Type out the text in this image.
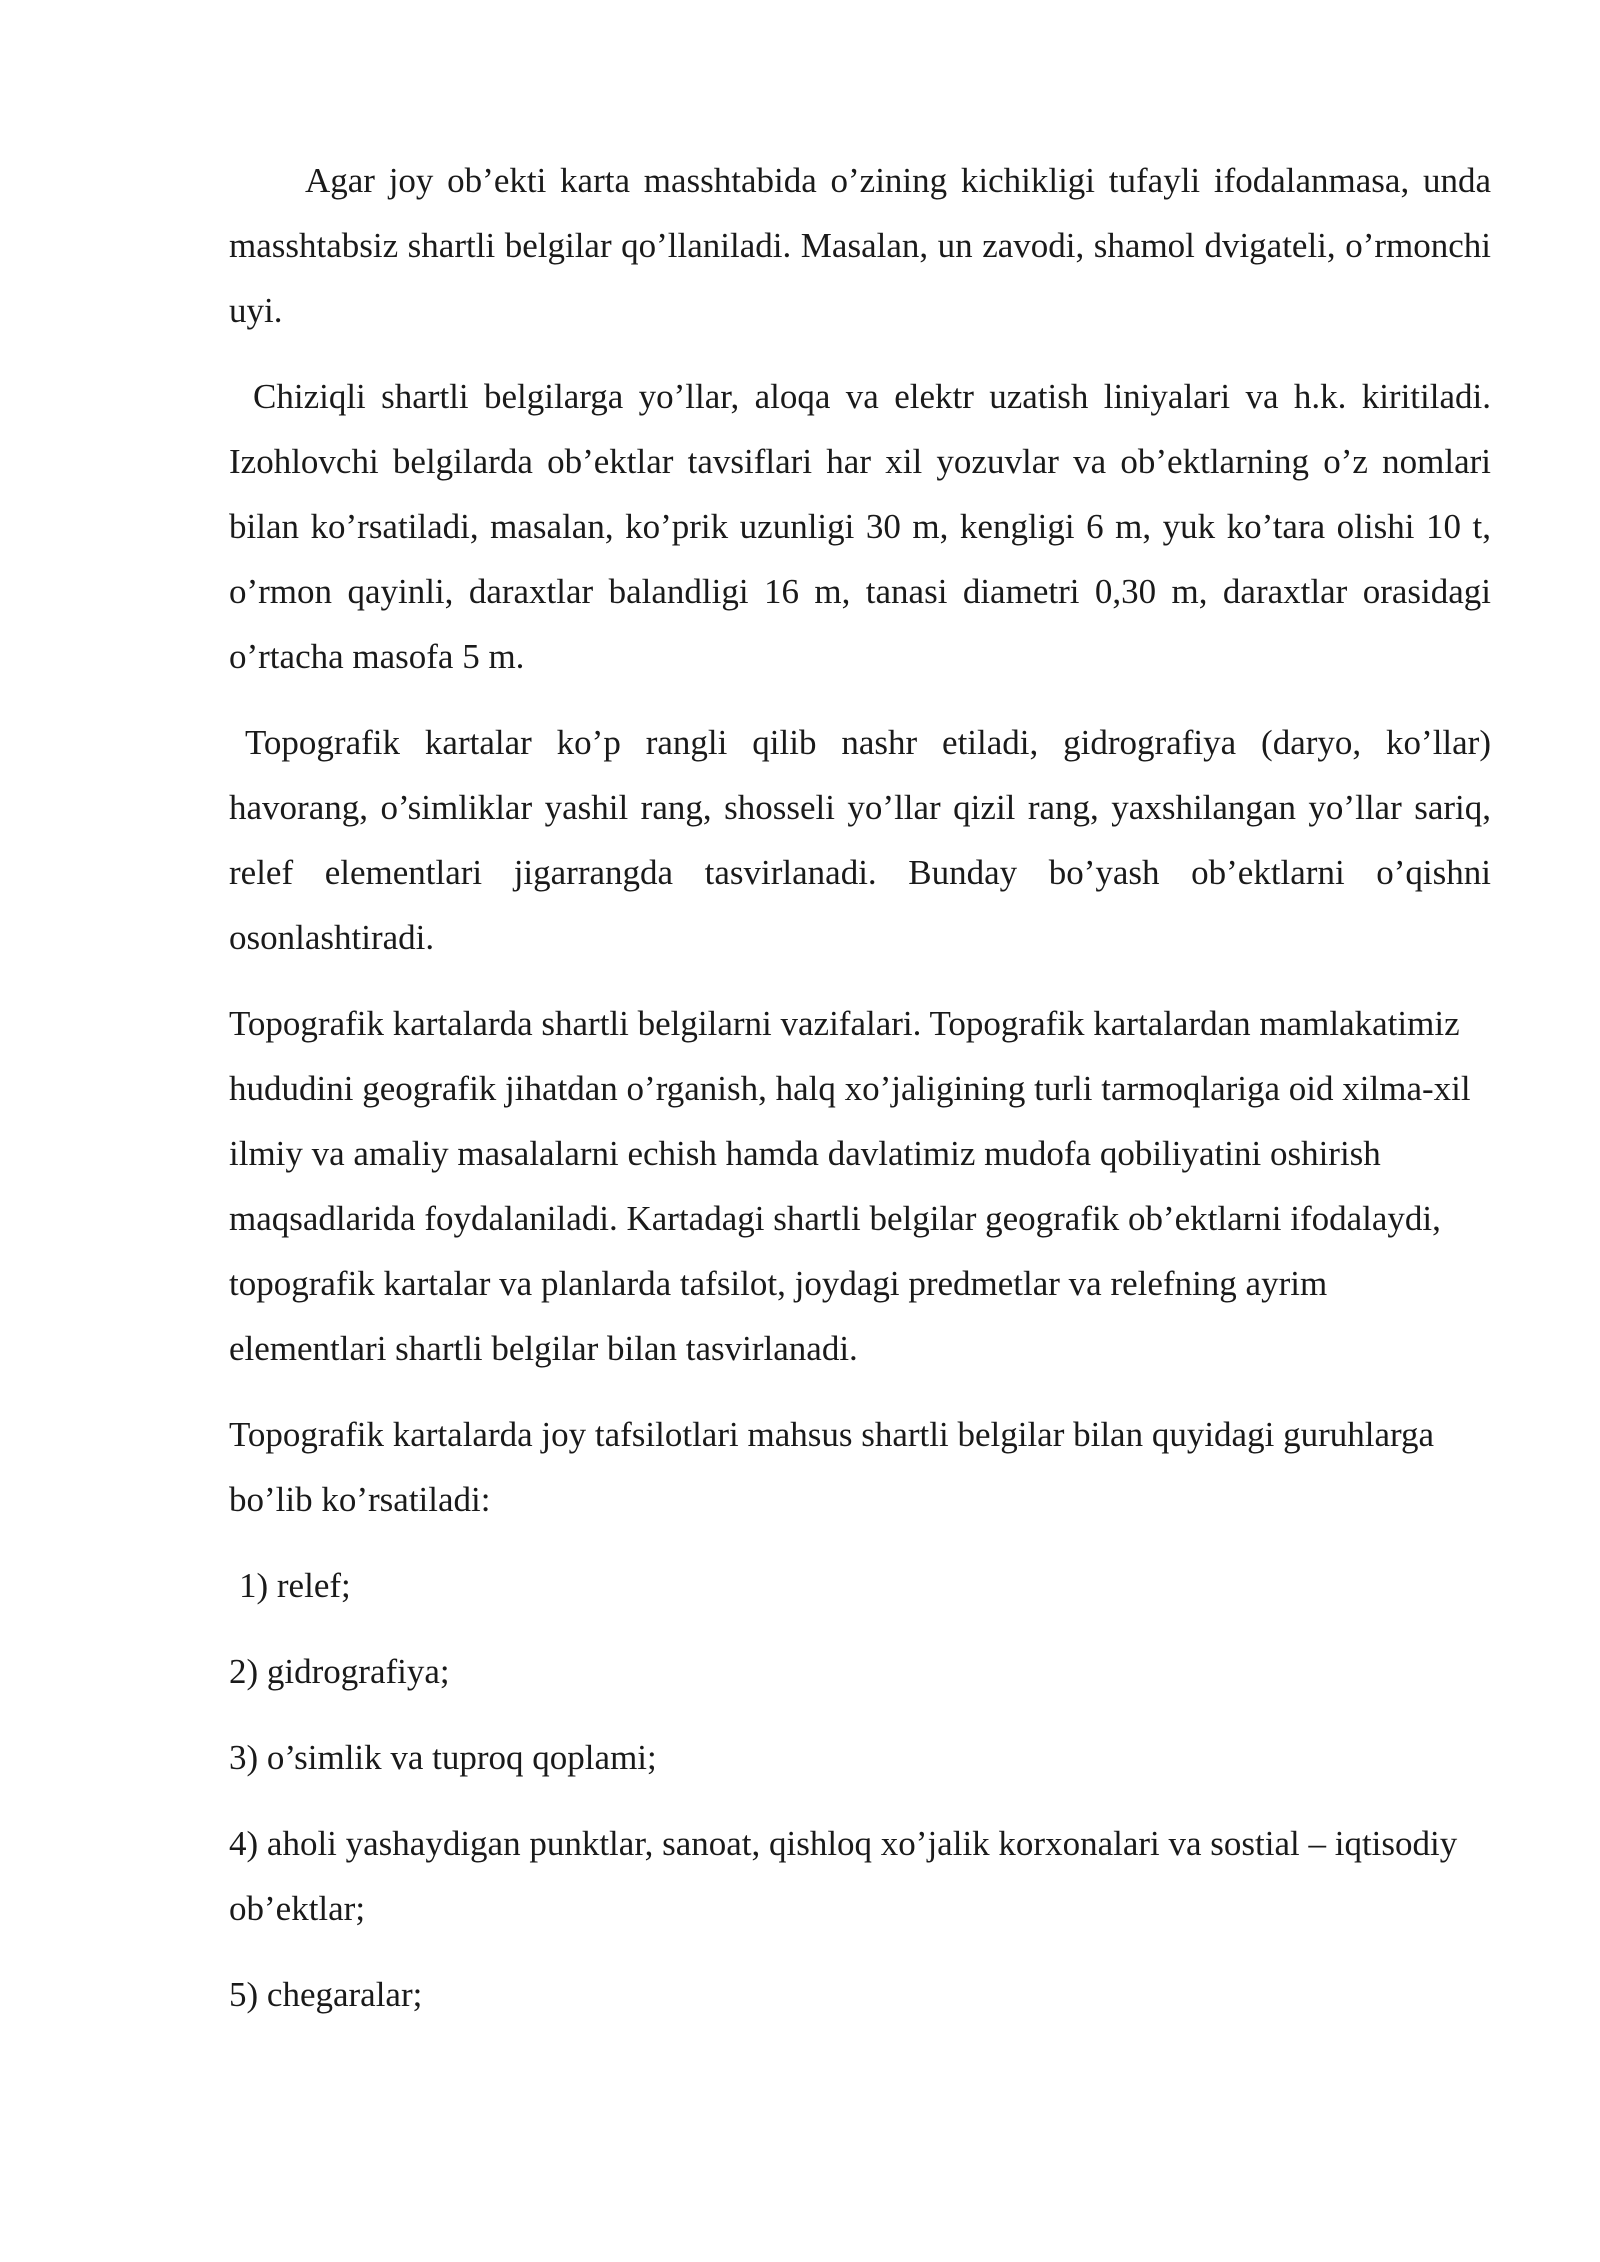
Agar joy ob’ekti karta masshtabida o’zining kichikligi tufayli ifodalanmasa, unda masshtabsiz shartli belgilar qo’llaniladi. Masalan, un zavodi, shamol dvigateli, o’rmonchi uyi.

Chiziqli shartli belgilarga yo’llar, aloqa va elektr uzatish liniyalari va h.k. kiritiladi. Izohlovchi belgilarda ob’ektlar tavsiflari har xil yozuvlar va ob’ektlarning o’z nomlari bilan ko’rsatiladi, masalan, ko’prik uzunligi 30 m, kengligi 6 m, yuk ko’tara olishi 10 t, o’rmon qayinli, daraxtlar balandligi 16 m, tanasi diametri 0,30 m, daraxtlar orasidagi o’rtacha masofa 5 m.

Topografik kartalar ko’p rangli qilib nashr etiladi, gidrografiya (daryo, ko’llar) havorang, o’simliklar yashil rang, shosseli yo’llar qizil rang, yaxshilangan yo’llar sariq, relef elementlari jigarrangda tasvirlanadi. Bunday bo’yash ob’ektlarni o’qishni osonlashtiradi.

Topografik kartalarda shartli belgilarni vazifalari. Topografik kartalardan mamlakatimiz hududini geografik jihatdan o’rganish, halq xo’jaligining turli tarmoqlariga oid xilma-xil ilmiy va amaliy masalalarni echish hamda davlatimiz mudofa qobiliyatini oshirish maqsadlarida foydalaniladi. Kartadagi shartli belgilar geografik ob’ektlarni ifodalaydi, topografik kartalar va planlarda tafsilot, joydagi predmetlar va relefning ayrim elementlari shartli belgilar bilan tasvirlanadi.

Topografik kartalarda joy tafsilotlari mahsus shartli belgilar bilan quyidagi guruhlarga bo’lib ko’rsatiladi:

1) relef;

2) gidrografiya;

3) o’simlik va tuproq qoplami;

4) aholi yashaydigan punktlar, sanoat, qishloq xo’jalik korxonalari va sostial – iqtisodiy ob’ektlar;

5) chegaralar;
